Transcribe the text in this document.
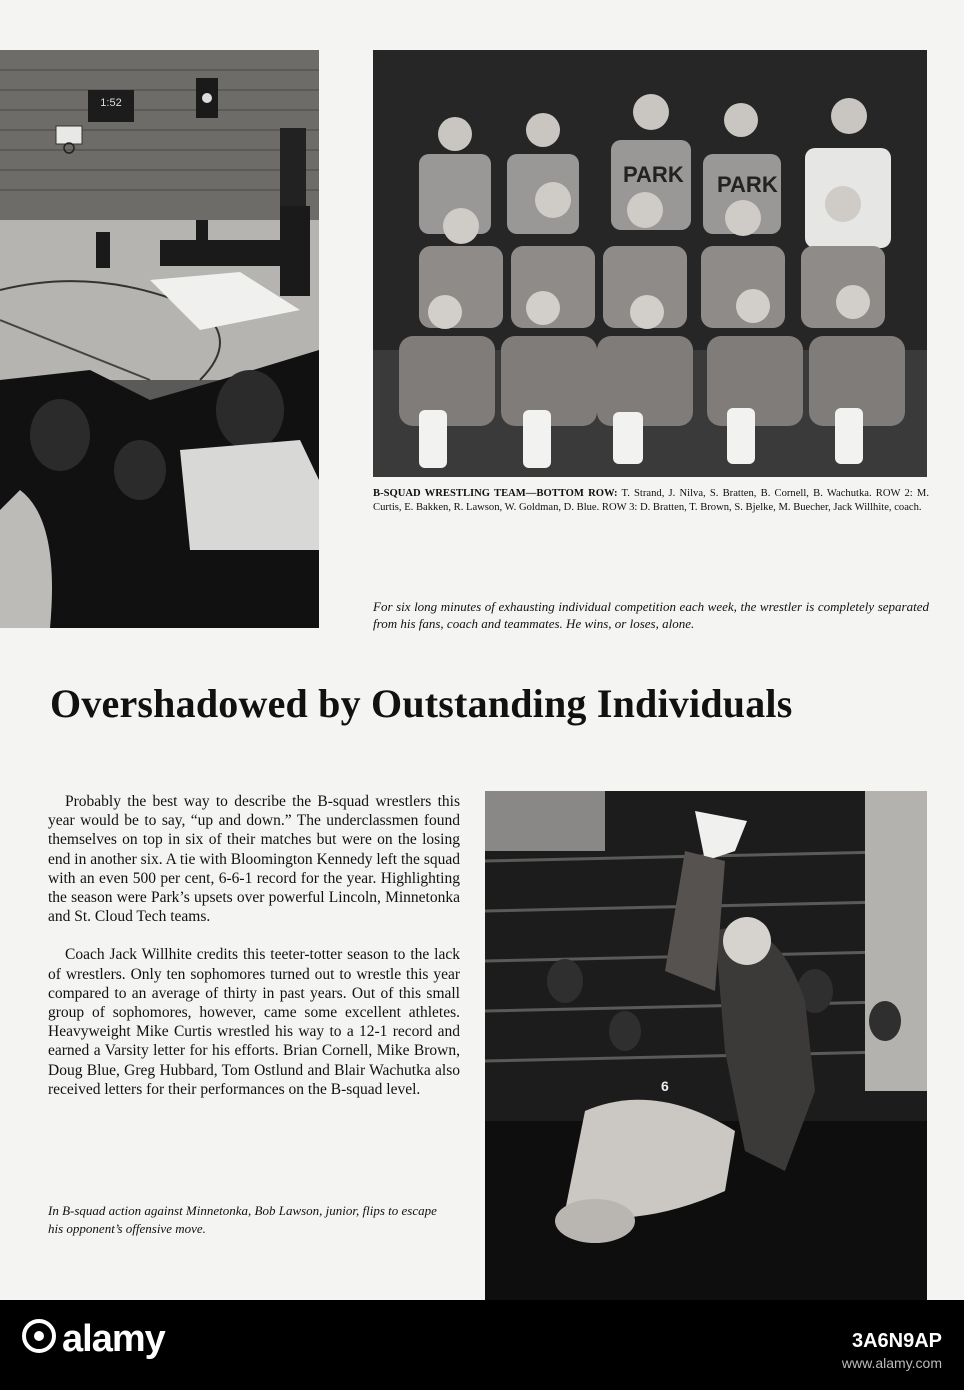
1:52
PARK PARK
B-SQUAD WRESTLING TEAM—BOTTOM ROW: T. Strand, J. Nilva, S. Bratten, B. Cornell, B. Wachutka. ROW 2: M. Curtis, E. Bakken, R. Lawson, W. Goldman, D. Blue. ROW 3: D. Bratten, T. Brown, S. Bjelke, M. Buecher, Jack Willhite, coach.
For six long minutes of exhausting individual competition each week, the wrestler is completely separated from his fans, coach and teammates. He wins, or loses, alone.
Overshadowed by Outstanding Individuals

Probably the best way to describe the B-squad wrestlers this year would be to say, “up and down.” The underclassmen found themselves on top in six of their matches but were on the losing end in another six. A tie with Bloomington Kennedy left the squad with an even 500 per cent, 6-6-1 record for the year. Highlighting the season were Park’s upsets over powerful Lincoln, Minnetonka and St. Cloud Tech teams.

Coach Jack Willhite credits this teeter-totter season to the lack of wrestlers. Only ten sophomores turned out to wrestle this year compared to an average of thirty in past years. Out of this small group of sophomores, however, came some excellent athletes. Heavyweight Mike Curtis wrestled his way to a 12-1 record and earned a Varsity letter for his efforts. Brian Cornell, Mike Brown, Doug Blue, Greg Hubbard, Tom Ostlund and Blair Wachutka also received letters for their performances on the B-squad level.

In B-squad action against Minnetonka, Bob Lawson, junior, flips to escape his opponent’s offensive move.
6
alamy	3A6N9AP
www.alamy.com
